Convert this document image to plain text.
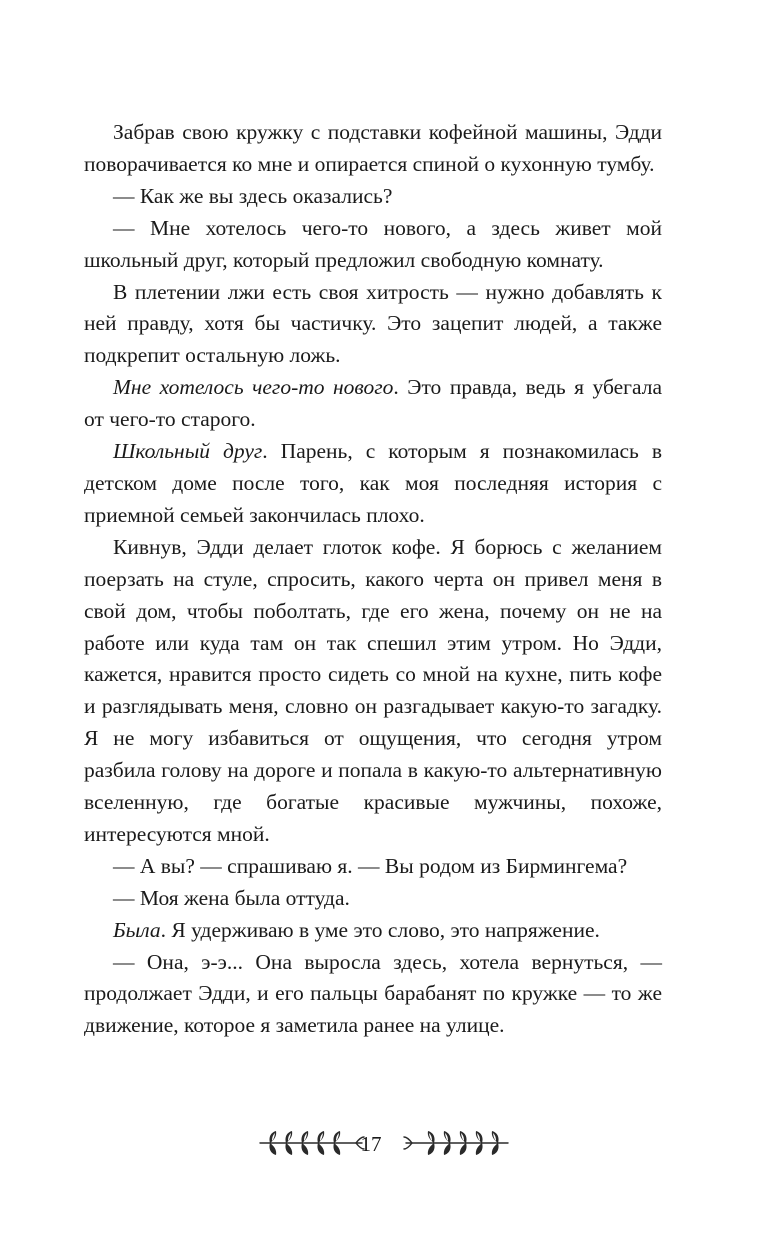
Забрав свою кружку с подставки кофейной машины, Эдди поворачивается ко мне и опирается спиной о кухонную тумбу.

— Как же вы здесь оказались?

— Мне хотелось чего-то нового, а здесь живет мой школьный друг, который предложил свободную комнату.

В плетении лжи есть своя хитрость — нужно добавлять к ней правду, хотя бы частичку. Это зацепит людей, а также подкрепит остальную ложь.

Мне хотелось чего-то нового. Это правда, ведь я убегала от чего-то старого.

Школьный друг. Парень, с которым я познакомилась в детском доме после того, как моя последняя история с приемной семьей закончилась плохо.

Кивнув, Эдди делает глоток кофе. Я борюсь с желанием поерзать на стуле, спросить, какого черта он привел меня в свой дом, чтобы поболтать, где его жена, почему он не на работе или куда там он так спешил этим утром. Но Эдди, кажется, нравится просто сидеть со мной на кухне, пить кофе и разглядывать меня, словно он разгадывает какую-то загадку. Я не могу избавиться от ощущения, что сегодня утром разбила голову на дороге и попала в какую-то альтернативную вселенную, где богатые красивые мужчины, похоже, интересуются мной.

— А вы? — спрашиваю я. — Вы родом из Бирмингема?

— Моя жена была оттуда.

Была. Я удерживаю в уме это слово, это напряжение.

— Она, э-э... Она выросла здесь, хотела вернуться, — продолжает Эдди, и его пальцы барабанят по кружке — то же движение, которое я заметила ранее на улице.

17
